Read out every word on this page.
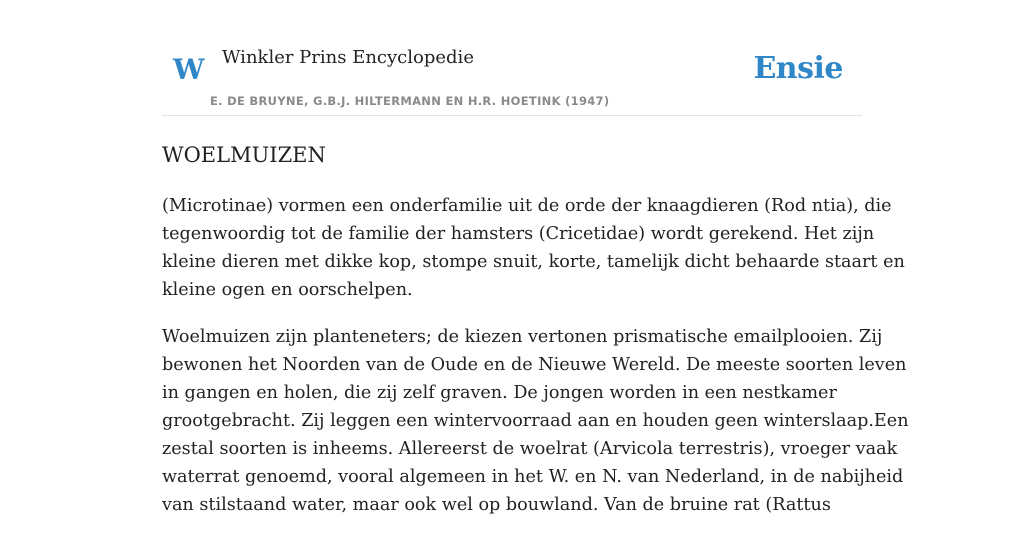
W Winkler Prins Encyclopedie
E. DE BRUYNE, G.B.J. HILTERMANN EN H.R. HOETINK (1947)
Ensie
WOELMUIZEN

(Microtinae) vormen een onderfamilie uit de orde der knaagdieren (Rod ntia), die
tegenwoordig tot de familie der hamsters (Cricetidae) wordt gerekend. Het zijn
kleine dieren met dikke kop, stompe snuit, korte, tamelijk dicht behaarde staart en
kleine ogen en oorschelpen.

Woelmuizen zijn planteneters; de kiezen vertonen prismatische emailplooien. Zij
bewonen het Noorden van de Oude en de Nieuwe Wereld. De meeste soorten leven
in gangen en holen, die zij zelf graven. De jongen worden in een nestkamer
grootgebracht. Zij leggen een wintervoorraad aan en houden geen winterslaap.Een
zestal soorten is inheems. Allereerst de woelrat (Arvicola terrestris), vroeger vaak
waterrat genoemd, vooral algemeen in het W. en N. van Nederland, in de nabijheid
van stilstaand water, maar ook wel op bouwland. Van de bruine rat (Rattus
